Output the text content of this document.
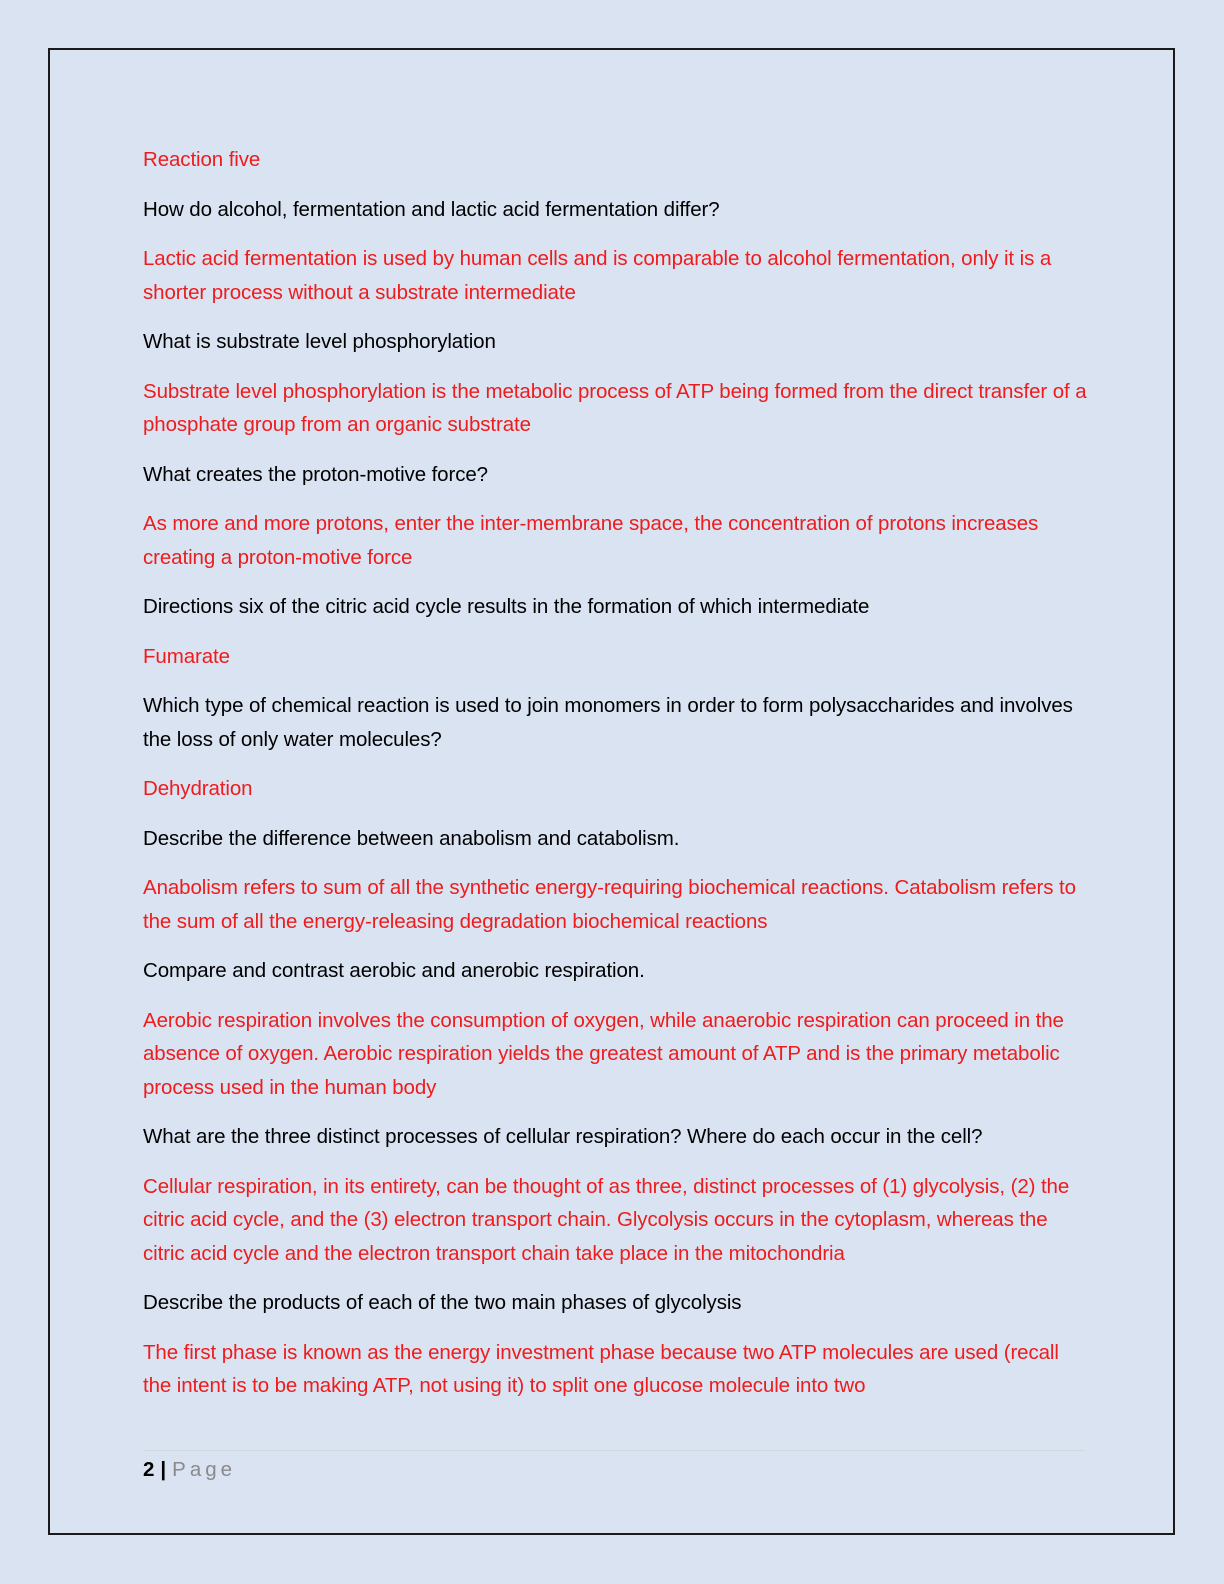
Reaction five

How do alcohol, fermentation and lactic acid fermentation differ?

Lactic acid fermentation is used by human cells and is comparable to alcohol fermentation, only it is a shorter process without a substrate intermediate

What is substrate level phosphorylation

Substrate level phosphorylation is the metabolic process of ATP being formed from the direct transfer of a phosphate group from an organic substrate

What creates the proton-motive force?

As more and more protons, enter the inter-membrane space, the concentration of protons increases creating a proton-motive force

Directions six of the citric acid cycle results in the formation of which intermediate

Fumarate

Which type of chemical reaction is used to join monomers in order to form polysaccharides and involves the loss of only water molecules?

Dehydration

Describe the difference between anabolism and catabolism.

Anabolism refers to sum of all the synthetic energy-requiring biochemical reactions. Catabolism refers to the sum of all the energy-releasing degradation biochemical reactions

Compare and contrast aerobic and anerobic respiration.

Aerobic respiration involves the consumption of oxygen, while anaerobic respiration can proceed in the absence of oxygen. Aerobic respiration yields the greatest amount of ATP and is the primary metabolic process used in the human body

What are the three distinct processes of cellular respiration? Where do each occur in the cell?

Cellular respiration, in its entirety, can be thought of as three, distinct processes of (1) glycolysis, (2) the citric acid cycle, and the (3) electron transport chain. Glycolysis occurs in the cytoplasm, whereas the citric acid cycle and the electron transport chain take place in the mitochondria

Describe the products of each of the two main phases of glycolysis

The first phase is known as the energy investment phase because two ATP molecules are used (recall the intent is to be making ATP, not using it) to split one glucose molecule into two

2 | Page
